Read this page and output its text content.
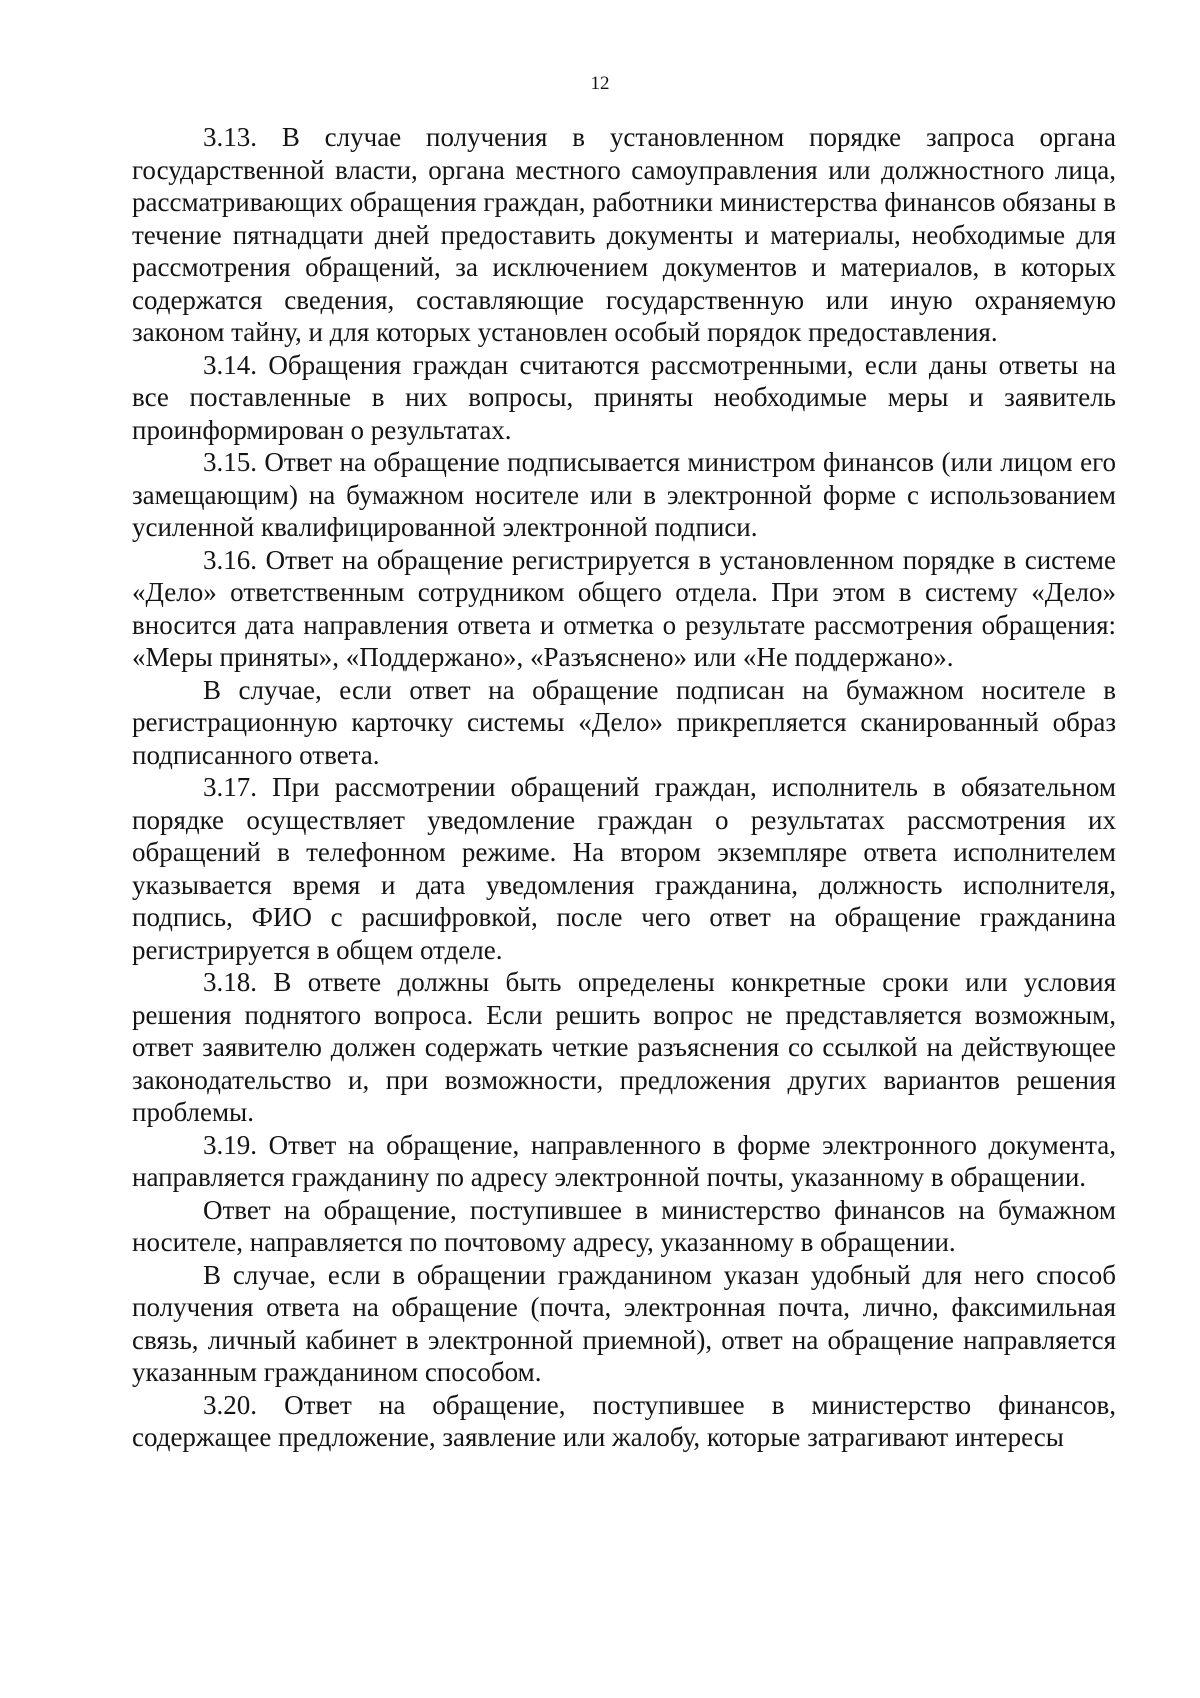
12

3.13. В случае получения в установленном порядке запроса органа государственной власти, органа местного самоуправления или должностного лица, рассматривающих обращения граждан, работники министерства финансов обязаны в течение пятнадцати дней предоставить документы и материалы, необходимые для рассмотрения обращений, за исключением документов и материалов, в которых содержатся сведения, составляющие государственную или иную охраняемую законом тайну, и для которых установлен особый порядок предоставления.

3.14. Обращения граждан считаются рассмотренными, если даны ответы на все поставленные в них вопросы, приняты необходимые меры и заявитель проинформирован о результатах.

3.15. Ответ на обращение подписывается министром финансов (или лицом его замещающим) на бумажном носителе или в электронной форме с использованием усиленной квалифицированной электронной подписи.

3.16. Ответ на обращение регистрируется в установленном порядке в системе «Дело» ответственным сотрудником общего отдела. При этом в систему «Дело» вносится дата направления ответа и отметка о результате рассмотрения обращения: «Меры приняты», «Поддержано», «Разъяснено» или «Не поддержано».

В случае, если ответ на обращение подписан на бумажном носителе в регистрационную карточку системы «Дело» прикрепляется сканированный образ подписанного ответа.

3.17. При рассмотрении обращений граждан, исполнитель в обязательном порядке осуществляет уведомление граждан о результатах рассмотрения их обращений в телефонном режиме. На втором экземпляре ответа исполнителем указывается время и дата уведомления гражданина, должность исполнителя, подпись, ФИО с расшифровкой, после чего ответ на обращение гражданина регистрируется в общем отделе.

3.18. В ответе должны быть определены конкретные сроки или условия решения поднятого вопроса. Если решить вопрос не представляется возможным, ответ заявителю должен содержать четкие разъяснения со ссылкой на действующее законодательство и, при возможности, предложения других вариантов решения проблемы.

3.19. Ответ на обращение, направленного в форме электронного документа, направляется гражданину по адресу электронной почты, указанному в обращении.

Ответ на обращение, поступившее в министерство финансов на бумажном носителе, направляется по почтовому адресу, указанному в обращении.

В случае, если в обращении гражданином указан удобный для него способ получения ответа на обращение (почта, электронная почта, лично, факсимильная связь, личный кабинет в электронной приемной), ответ на обращение направляется указанным гражданином способом.

3.20. Ответ на обращение, поступившее в министерство финансов, содержащее предложение, заявление или жалобу, которые затрагивают интересы
